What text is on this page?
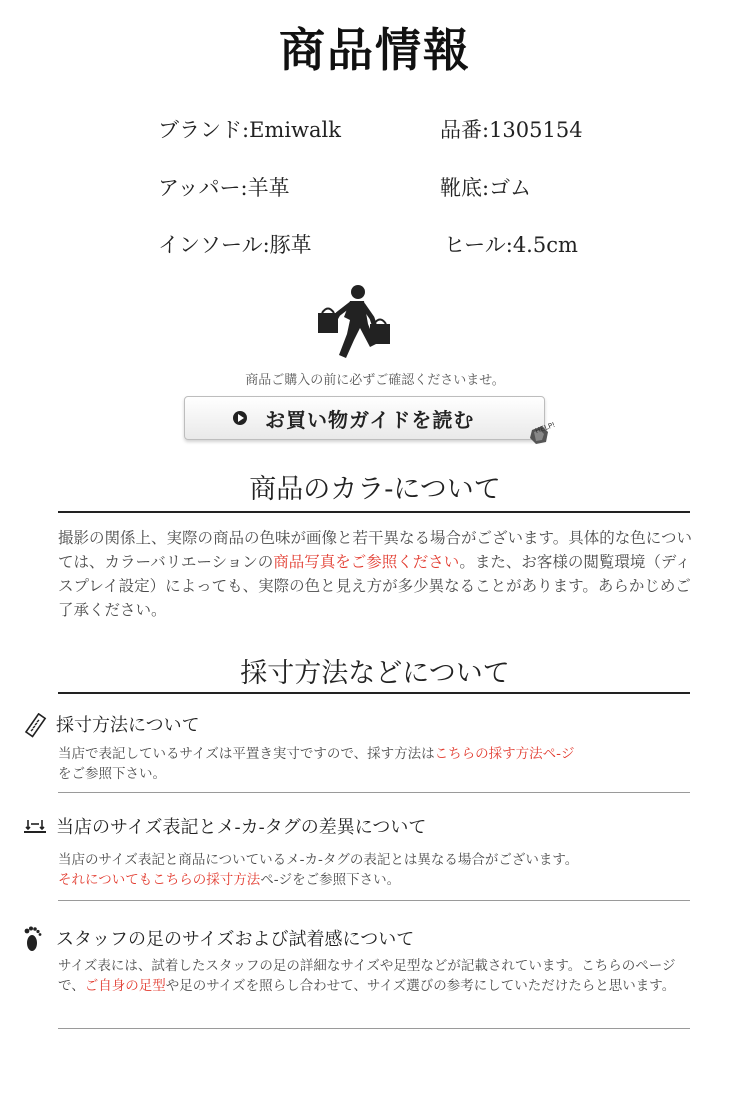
商品情報
ブランド:Emiwalk	品番:1305154
アッパー:羊革	靴底:ゴム
インソール:豚革	ヒール:4.5cm
商品ご購入の前に必ずご確認くださいませ。
お買い物ガイドを読む	HELP!
商品のカラ-について
撮影の関係上、実際の商品の色味が画像と若干異なる場合がございます。具体的な色については、カラーバリエーションの商品写真をご参照ください。また、お客様の閲覧環境（ディスプレイ設定）によっても、実際の色と見え方が多少異なることがあります。あらかじめご了承ください。
採寸方法などについて
採寸方法について
当店で表記しているサイズは平置き実寸ですので、採す方法はこちらの採す方法ペ-ジ
をご参照下さい。
当店のサイズ表記とメ-カ-タグの差異について
当店のサイズ表記と商品についているメ-カ-タグの表記とは異なる場合がございます。
それについてもこちらの採寸方法ペ-ジをご参照下さい。
スタッフの足のサイズおよび試着感について
サイズ表には、試着したスタッフの足の詳細なサイズや足型などが記載されています。こちらのページで、ご自身の足型や足のサイズを照らし合わせて、サイズ選びの参考にしていただけたらと思います。
